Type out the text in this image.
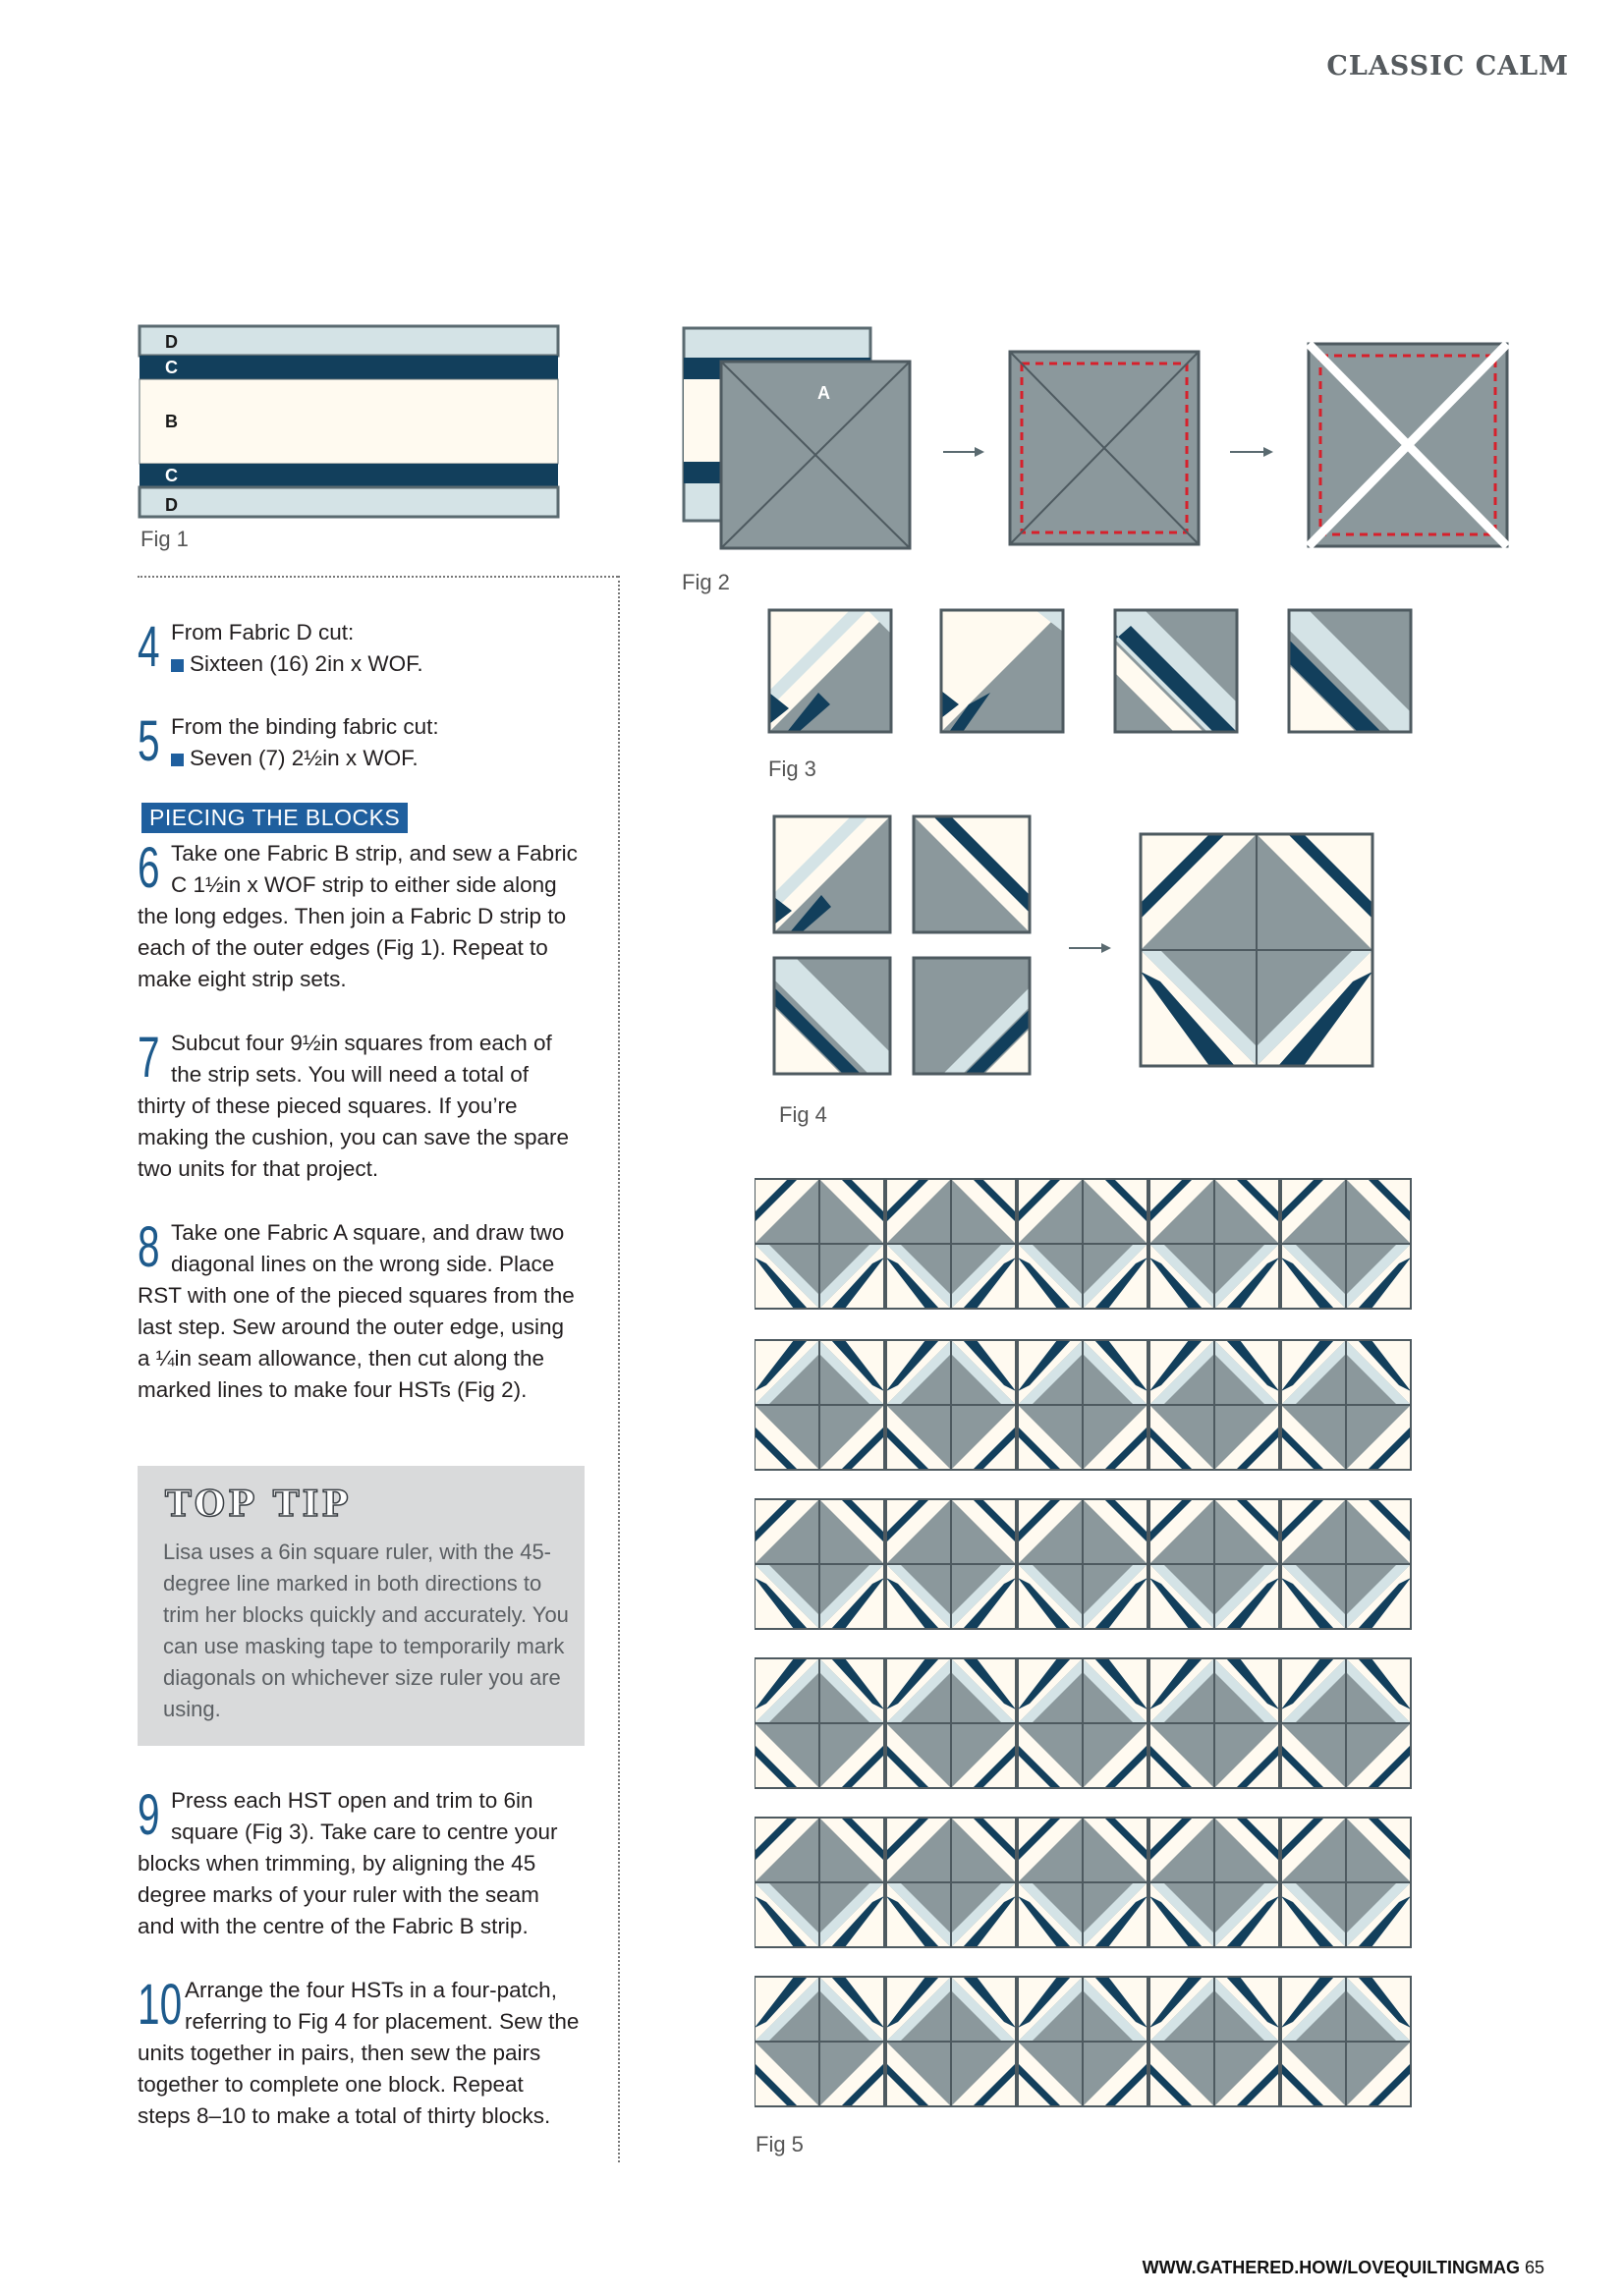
CLASSIC CALM
D
C
B
C
D
Fig 1
A
Fig 2
Fig 3
Fig 4
Fig 5
4 From Fabric D cut:
Sixteen (16) 2in x WOF.
5 From the binding fabric cut:
Seven (7) 2½in x WOF.
6 Take one Fabric B strip, and sew a Fabric C 1½in x WOF strip to either side along the long edges. Then join a Fabric D strip to each of the outer edges (Fig 1). Repeat to make eight strip sets.
7 Subcut four 9½in squares from each of the strip sets. You will need a total of thirty of these pieced squares. If you’re making the cushion, you can save the spare two units for that project.
8 Take one Fabric A square, and draw two diagonal lines on the wrong side. Place RST with one of the pieced squares from the last step. Sew around the outer edge, using a ¼in seam allowance, then cut along the marked lines to make four HSTs (Fig 2).
9 Press each HST open and trim to 6in square (Fig 3). Take care to centre your blocks when trimming, by aligning the 45 degree marks of your ruler with the seam and with the centre of the Fabric B strip.
10 Arrange the four HSTs in a four-patch, referring to Fig 4 for placement. Sew the units together in pairs, then sew the pairs together to complete one block. Repeat steps 8–10 to make a total of thirty blocks.
PIECING THE BLOCKS
TOP TIP
Lisa uses a 6in square ruler, with the 45-degree line marked in both directions to trim her blocks quickly and accurately. You can use masking tape to temporarily mark diagonals on whichever size ruler you are using.
WWW.GATHERED.HOW/LOVEQUILTINGMAG 65
